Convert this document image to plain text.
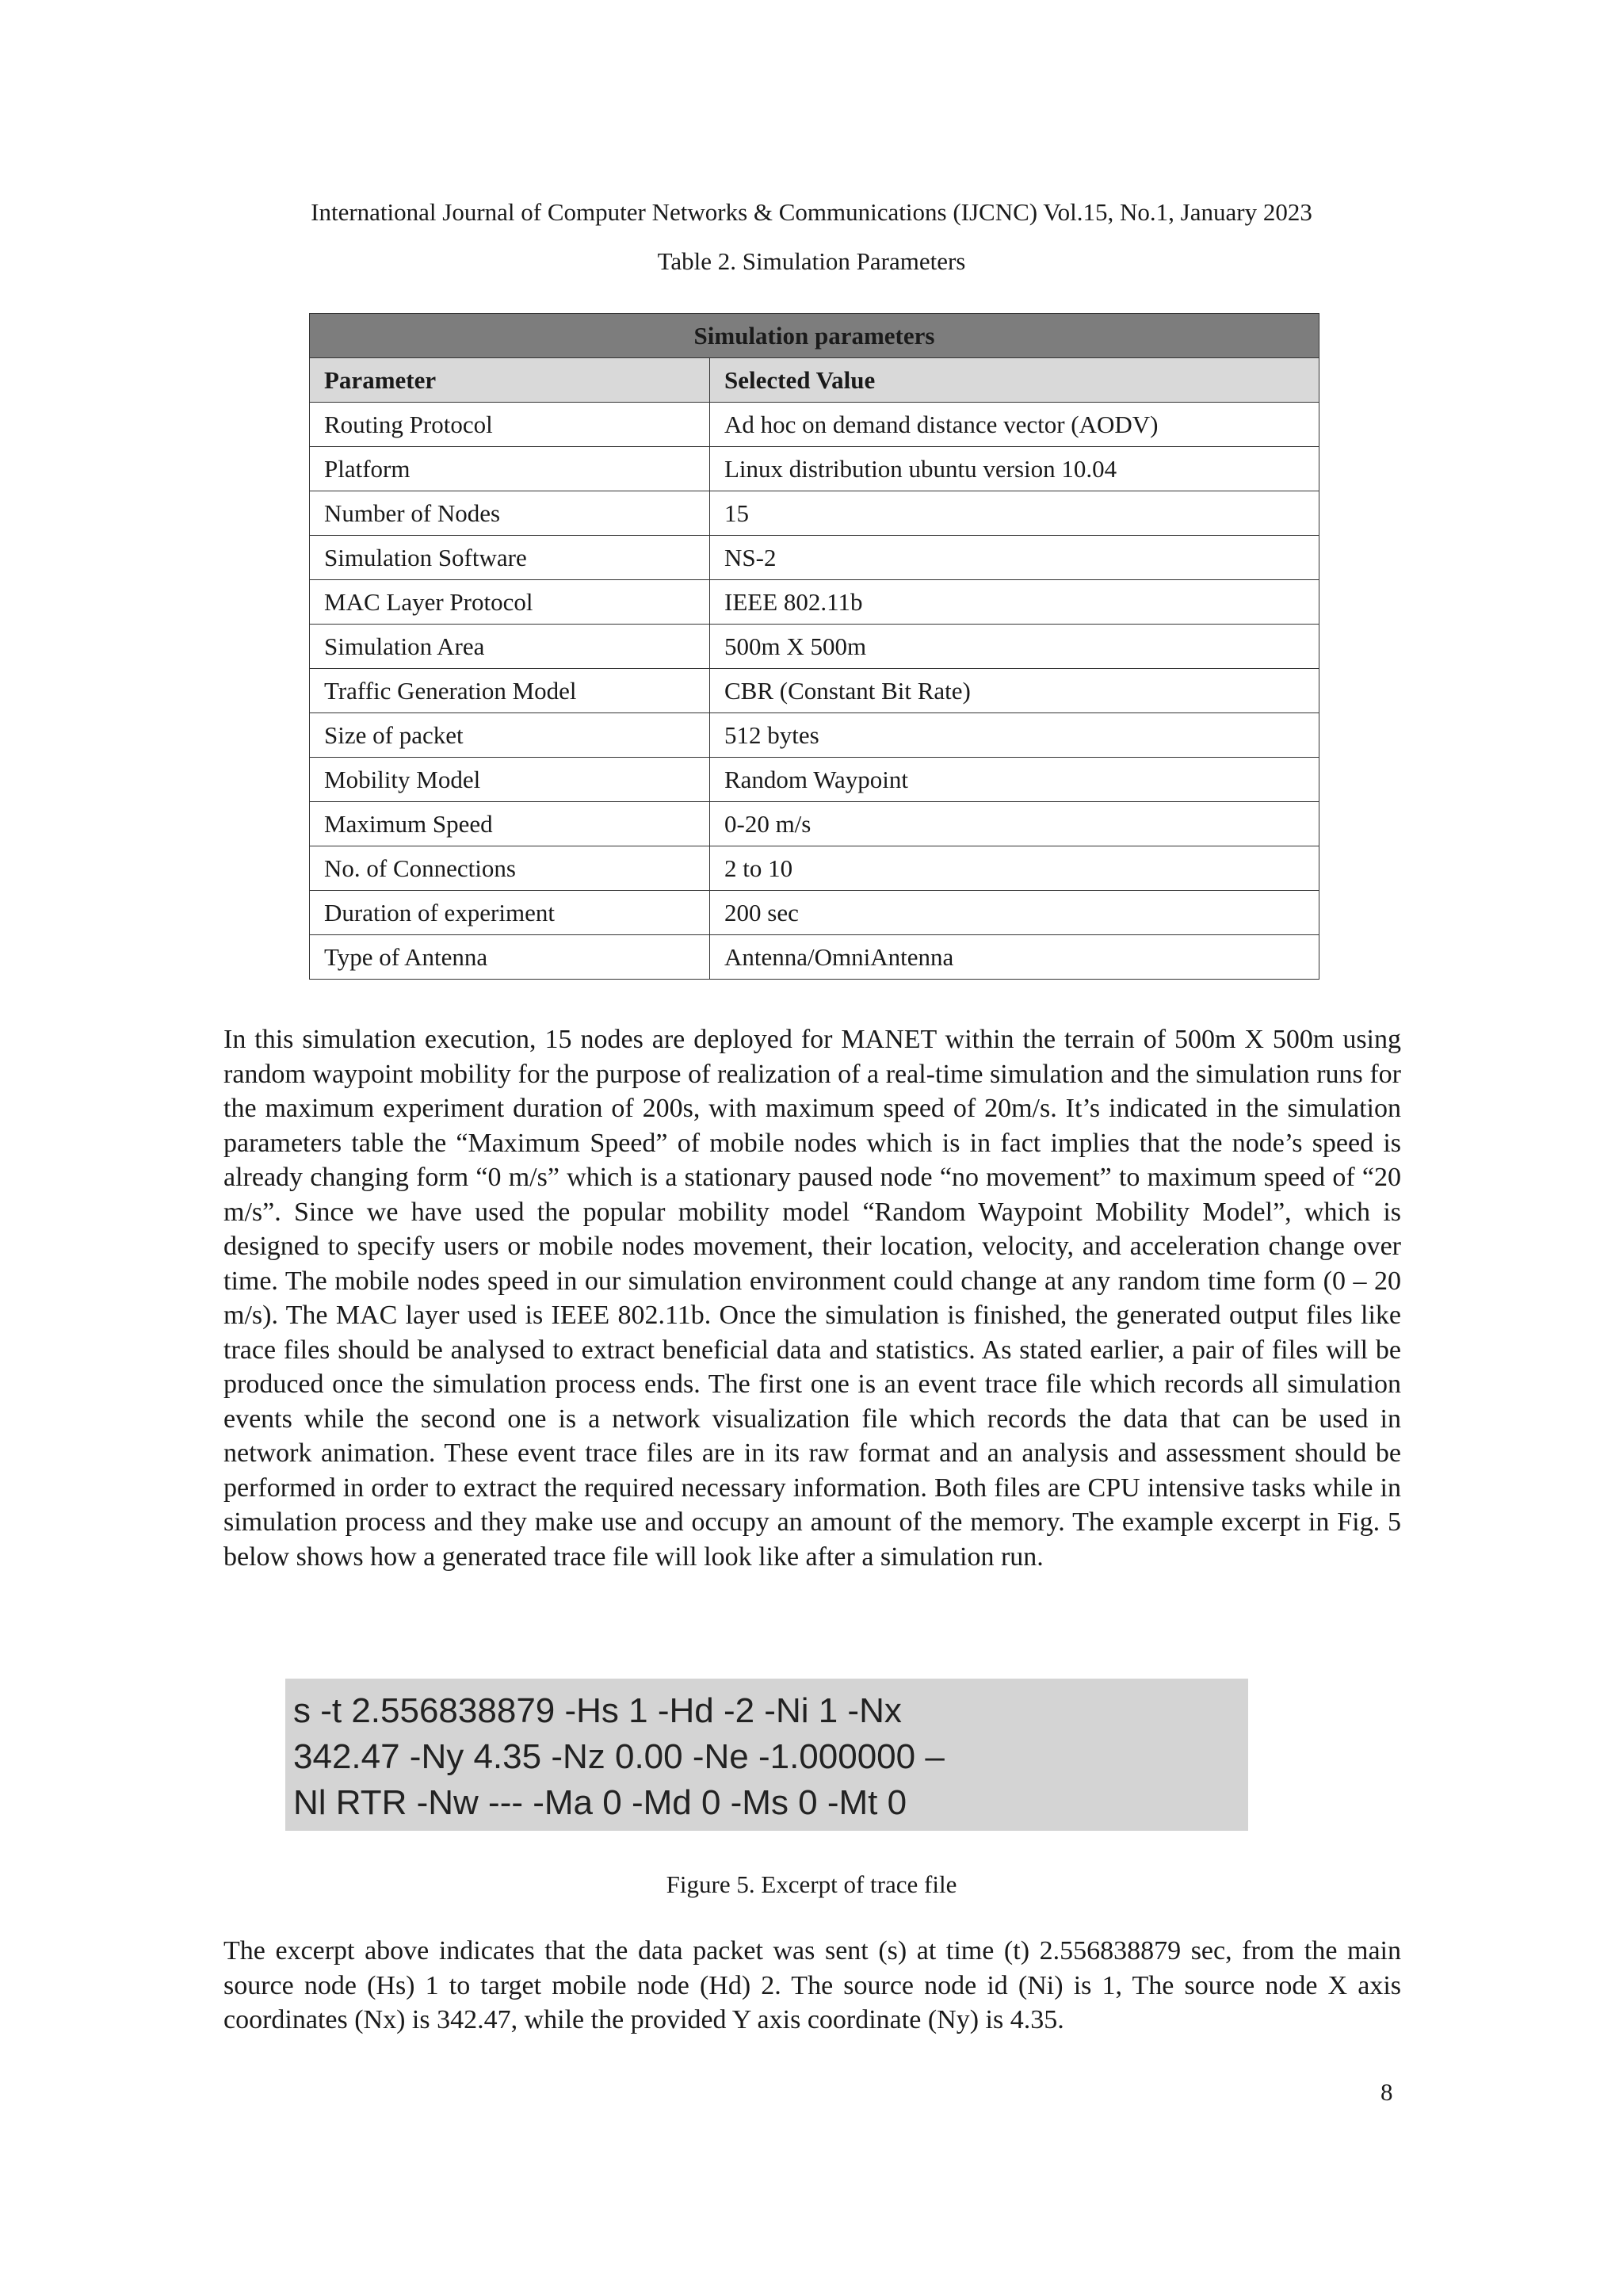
International Journal of Computer Networks & Communications (IJCNC) Vol.15, No.1, January 2023
Table 2. Simulation Parameters
Simulation parameters	
Parameter	Selected Value
Routing Protocol	Ad hoc on demand distance vector (AODV)
Platform	Linux distribution ubuntu version 10.04
Number of Nodes	15
Simulation Software	NS-2
MAC Layer Protocol	IEEE 802.11b
Simulation Area	500m X 500m
Traffic Generation Model	CBR (Constant Bit Rate)
Size of packet	512 bytes
Mobility Model	Random Waypoint
Maximum Speed	0-20 m/s
No. of Connections	2 to 10
Duration of experiment	200 sec
Type of Antenna	Antenna/OmniAntenna

In this simulation execution, 15 nodes are deployed for MANET within the terrain of 500m X 500m using random waypoint mobility for the purpose of realization of a real-time simulation and the simulation runs for the maximum experiment duration of 200s, with maximum speed of 20m/s. It’s indicated in the simulation parameters table the “Maximum Speed” of mobile nodes which is in fact implies that the node’s speed is already changing form “0 m/s” which is a stationary paused node “no movement” to maximum speed of “20 m/s”. Since we have used the popular mobility model “Random Waypoint Mobility Model”, which is designed to specify users or mobile nodes movement, their location, velocity, and acceleration change over time. The mobile nodes speed in our simulation environment could change at any random time form (0 – 20 m/s). The MAC layer used is IEEE 802.11b. Once the simulation is finished, the generated output files like trace files should be analysed to extract beneficial data and statistics. As stated earlier, a pair of files will be produced once the simulation process ends. The first one is an event trace file which records all simulation events while the second one is a network visualization file which records the data that can be used in network animation. These event trace files are in its raw format and an analysis and assessment should be performed in order to extract the required necessary information. Both files are CPU intensive tasks while in simulation process and they make use and occupy an amount of the memory. The example excerpt in Fig. 5 below shows how a generated trace file will look like after a simulation run.

s -t 2.556838879 -Hs 1 -Hd -2 -Ni 1 -Nx
342.47 -Ny 4.35 -Nz 0.00 -Ne -1.000000 –
Nl RTR -Nw --- -Ma 0 -Md 0 -Ms 0 -Mt 0
Figure 5. Excerpt of trace file

The excerpt above indicates that the data packet was sent (s) at time (t) 2.556838879 sec, from the main source node (Hs) 1 to target mobile node (Hd) 2. The source node id (Ni) is 1, The source node X axis coordinates (Nx) is 342.47, while the provided Y axis coordinate (Ny) is 4.35.

8
